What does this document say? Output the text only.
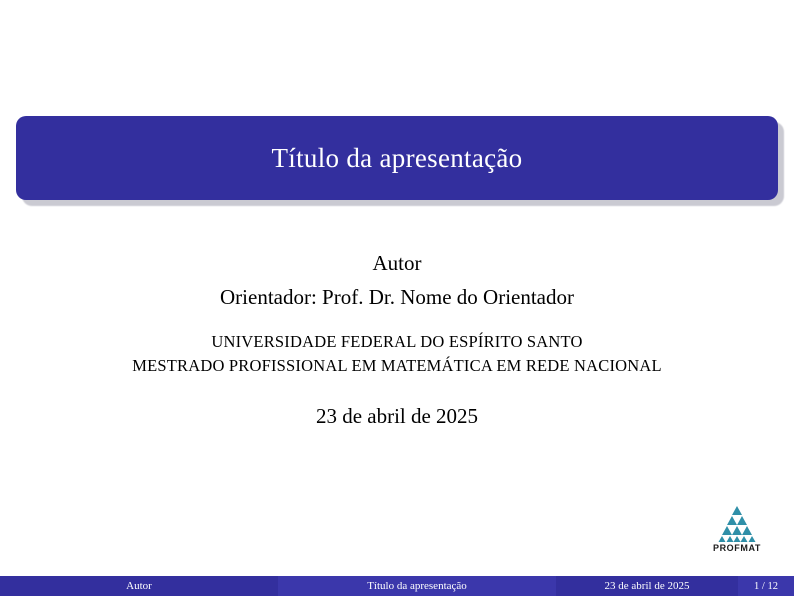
Título da apresentação
Autor
Orientador: Prof. Dr. Nome do Orientador
UNIVERSIDADE FEDERAL DO ESPÍRITO SANTO
MESTRADO PROFISSIONAL EM MATEMÁTICA EM REDE NACIONAL
23 de abril de 2025
PROFMAT
Autor	Título da apresentação	23 de abril de 2025	1 / 12
